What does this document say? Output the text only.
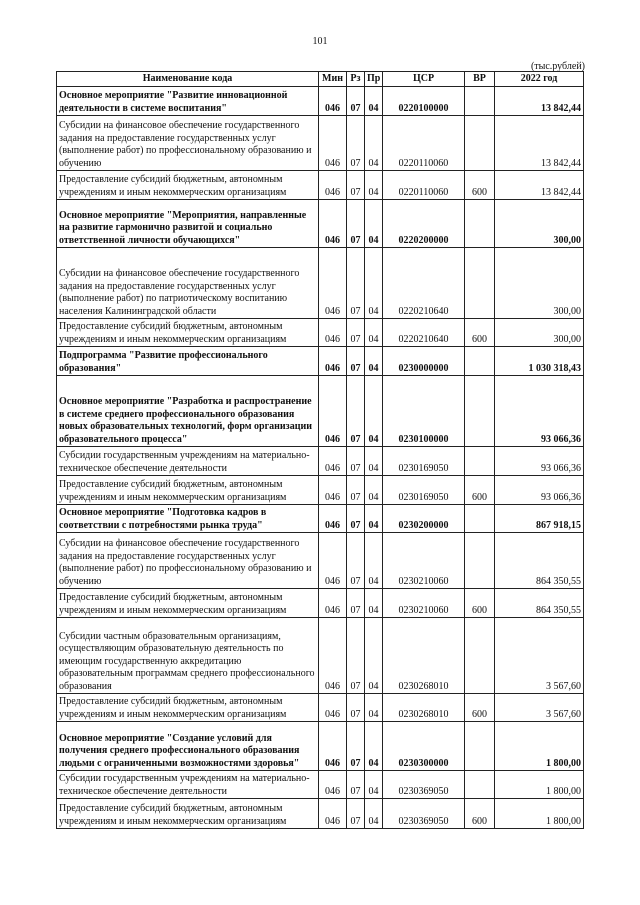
101
(тыс.рублей)
Наименование кода	Мин	Рз	Пр	ЦСР	ВР	2022 год
Основное мероприятие "Развитие инновационной деятельности в системе воспитания"	046	07	04	0220100000		13 842,44
Субсидии на финансовое обеспечение государственного задания на предоставление государственных услуг (выполнение работ) по профессиональному образованию и обучению	046	07	04	0220110060		13 842,44
Предоставление субсидий бюджетным, автономным учреждениям и иным некоммерческим организациям	046	07	04	0220110060	600	13 842,44
Основное мероприятие "Мероприятия, направленные на развитие гармонично развитой и социально ответственной личности обучающихся"	046	07	04	0220200000		300,00
Субсидии на финансовое обеспечение государственного задания на предоставление государственных услуг (выполнение работ) по патриотическому воспитанию населения Калининградской области	046	07	04	0220210640		300,00
Предоставление субсидий бюджетным, автономным учреждениям и иным некоммерческим организациям	046	07	04	0220210640	600	300,00
Подпрограмма "Развитие профессионального образования"	046	07	04	0230000000		1 030 318,43
Основное мероприятие "Разработка и распространение в системе среднего профессионального образования новых образовательных технологий, форм организации образовательного процесса"	046	07	04	0230100000		93 066,36
Субсидии государственным учреждениям на материально-техническое обеспечение деятельности	046	07	04	0230169050		93 066,36
Предоставление субсидий бюджетным, автономным учреждениям и иным некоммерческим организациям	046	07	04	0230169050	600	93 066,36
Основное мероприятие "Подготовка кадров в соответствии с потребностями рынка труда"	046	07	04	0230200000		867 918,15
Субсидии на финансовое обеспечение государственного задания на предоставление государственных услуг (выполнение работ) по профессиональному образованию и обучению	046	07	04	0230210060		864 350,55
Предоставление субсидий бюджетным, автономным учреждениям и иным некоммерческим организациям	046	07	04	0230210060	600	864 350,55
Субсидии частным образовательным организациям, осуществляющим образовательную деятельность по имеющим государственную аккредитацию образовательным программам среднего профессионального образования	046	07	04	0230268010		3 567,60
Предоставление субсидий бюджетным, автономным учреждениям и иным некоммерческим организациям	046	07	04	0230268010	600	3 567,60
Основное мероприятие "Создание условий для получения среднего профессионального образования людьми с ограниченными возможностями здоровья"	046	07	04	0230300000		1 800,00
Субсидии государственным учреждениям на материально-техническое обеспечение деятельности	046	07	04	0230369050		1 800,00
Предоставление субсидий бюджетным, автономным учреждениям и иным некоммерческим организациям	046	07	04	0230369050	600	1 800,00
